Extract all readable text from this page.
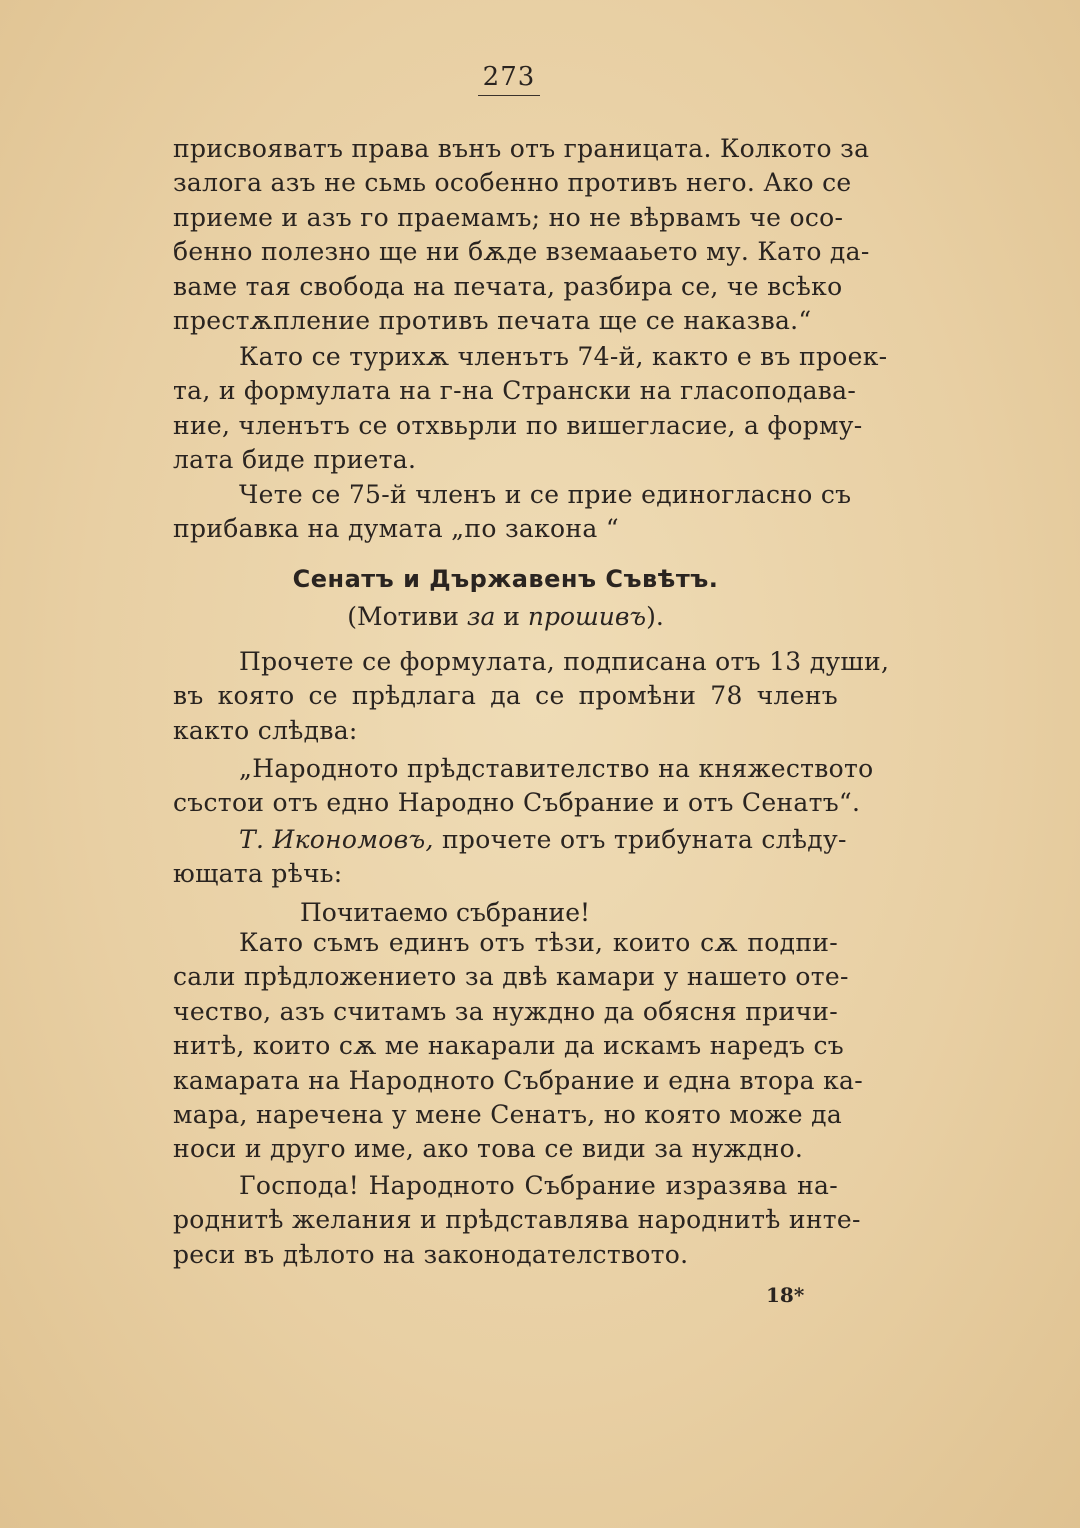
273
присвояватъ права вънъ отъ границата. Колкото за
залога азъ не сьмь особенно противъ него. Ако се
приеме и азъ го праемамъ; но не вѣрвамъ че осо-
бенно полезно ще ни бѫде вземааьето му. Като да-
ваме тая свобода на печата, разбира се, че всѣко
престѫпление противъ печата ще се наказва.“
Като се турихѫ членътъ 74-й, както е въ проек-
та, и формулата на г-на Странски на гласоподава-
ние, членътъ се отхвьрли по вишегласие, а форму-
лата биде приета.
Чете се 75-й членъ и се прие единогласно съ
прибавка на думата „по закона “
Сенатъ и Държавенъ Съвѣтъ.
(Мотиви за и прошивъ).
Прочете се формулата, подписана отъ 13 души,
въ която се прѣдлага да се промѣни 78 членъ
както слѣдва:
„Народното прѣдставителство на княжеството
състои отъ едно Народно Събрание и отъ Сенатъ“.
Т. Икономовъ, прочете отъ трибуната слѣду-
ющата рѣчь:
Почитаемо събрание!
Като съмъ единъ отъ тѣзи, които сѫ подпи-
сали прѣдложението за двѣ камари у нашето оте-
чество, азъ считамъ за нуждно да обясня причи-
нитѣ, които сѫ ме накарали да искамъ наредъ съ
камарата на Народното Събрание и една втора ка-
мара, наречена у мене Сенатъ, но която може да
носи и друго име, ако това се види за нуждно.
Господа! Народното Събрание изразява на-
роднитѣ желания и прѣдставлява народнитѣ инте-
реси въ дѣлото на законодателството.
18*
